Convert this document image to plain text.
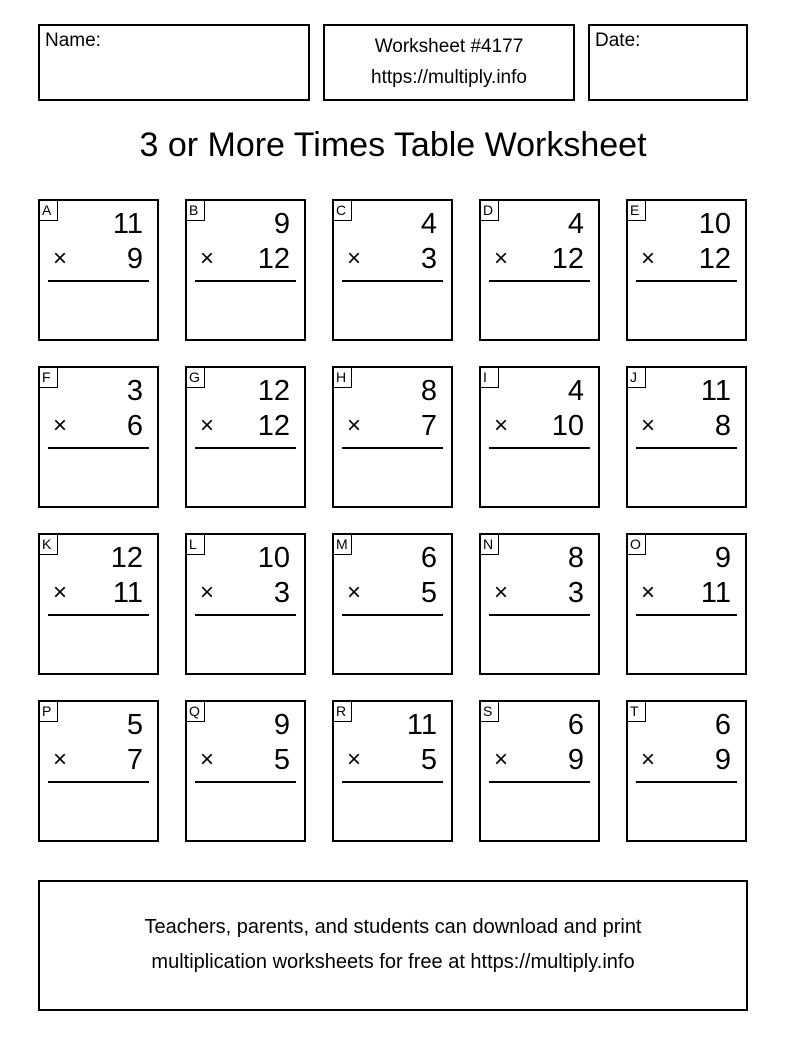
Name:	Worksheet #4177
https://multiply.info
Date:
3 or More Times Table Worksheet
A 11
× 9
B	9
× 12
C	4
× 3
D	4
× 12
E 10
× 12
F	3
× 6
G 12
× 12
H	8
× 7
I	4
× 10
J	11
× 8
K 12
× 11
L 10
× 3
M	6
× 5
N	8
× 3
O	9
× 11
P	5
× 7
Q	9
× 5
R 11
× 5
S	6
× 9
T	6
× 9
Teachers, parents, and students can download and print
multiplication worksheets for free at https://multiply.info
